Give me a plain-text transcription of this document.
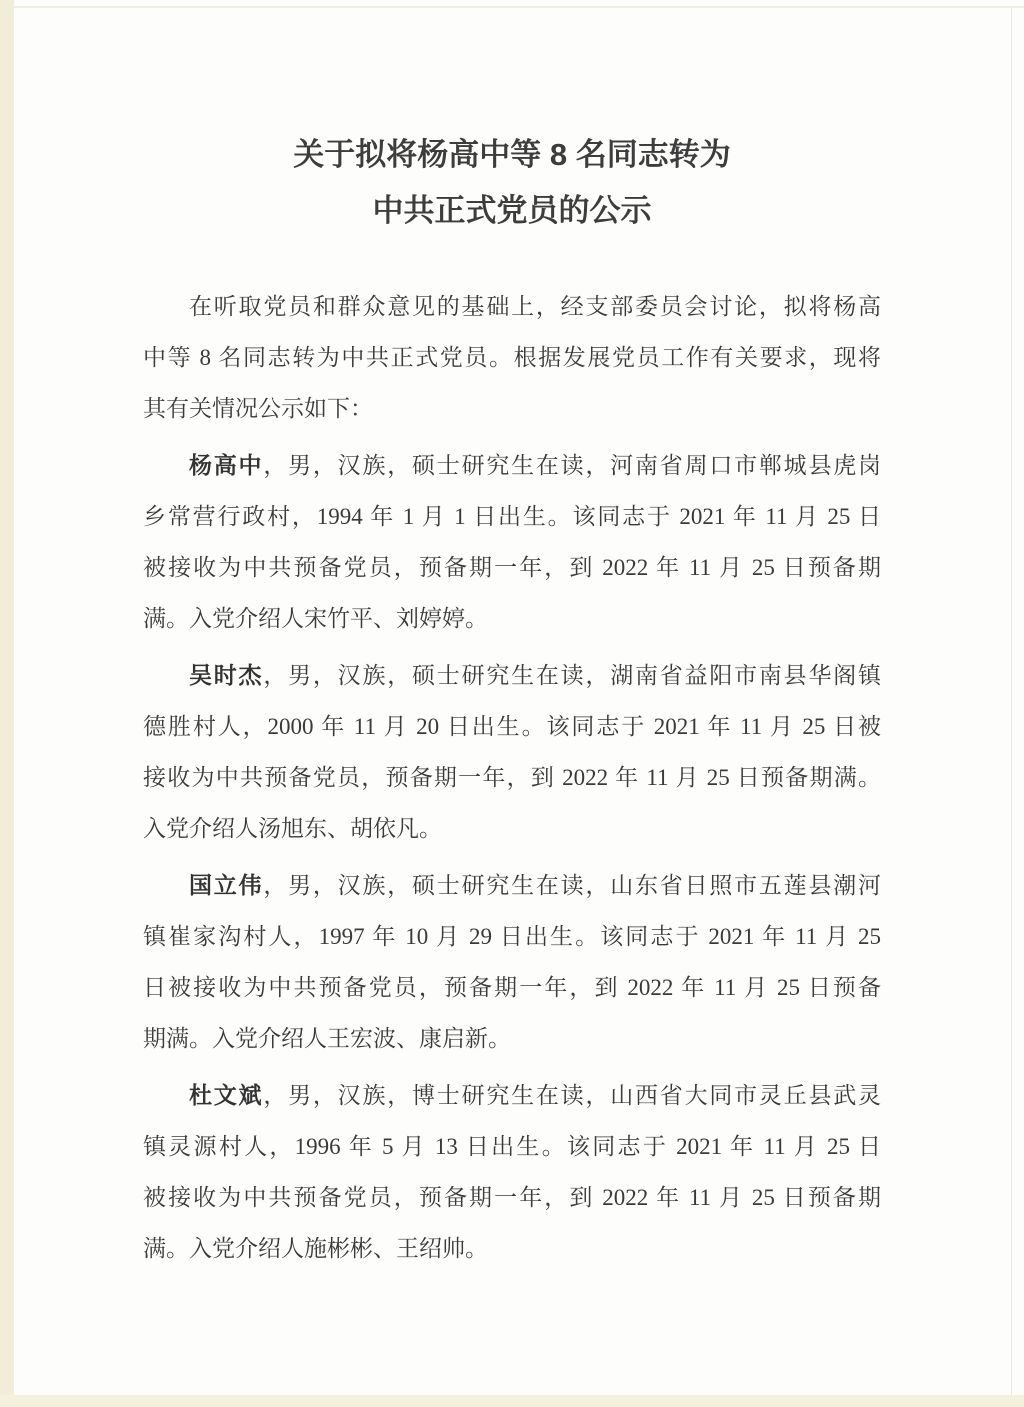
关于拟将杨高中等 8 名同志转为
中共正式党员的公示
在听取党员和群众意见的基础上，经支部委员会讨论，拟将杨高
中等 8 名同志转为中共正式党员。根据发展党员工作有关要求，现将
其有关情况公示如下：
杨高中，男，汉族，硕士研究生在读，河南省周口市郸城县虎岗
乡常营行政村，1994 年 1 月 1 日出生。该同志于 2021 年 11 月 25 日
被接收为中共预备党员，预备期一年，到 2022 年 11 月 25 日预备期
满。入党介绍人宋竹平、刘婷婷。
吴时杰，男，汉族，硕士研究生在读，湖南省益阳市南县华阁镇
德胜村人，2000 年 11 月 20 日出生。该同志于 2021 年 11 月 25 日被
接收为中共预备党员，预备期一年，到 2022 年 11 月 25 日预备期满。
入党介绍人汤旭东、胡依凡。
国立伟，男，汉族，硕士研究生在读，山东省日照市五莲县潮河
镇崔家沟村人，1997 年 10 月 29 日出生。该同志于 2021 年 11 月 25
日被接收为中共预备党员，预备期一年，到 2022 年 11 月 25 日预备
期满。入党介绍人王宏波、康启新。
杜文斌，男，汉族，博士研究生在读，山西省大同市灵丘县武灵
镇灵源村人，1996 年 5 月 13 日出生。该同志于 2021 年 11 月 25 日
被接收为中共预备党员，预备期一年，到 2022 年 11 月 25 日预备期
满。入党介绍人施彬彬、王绍帅。
